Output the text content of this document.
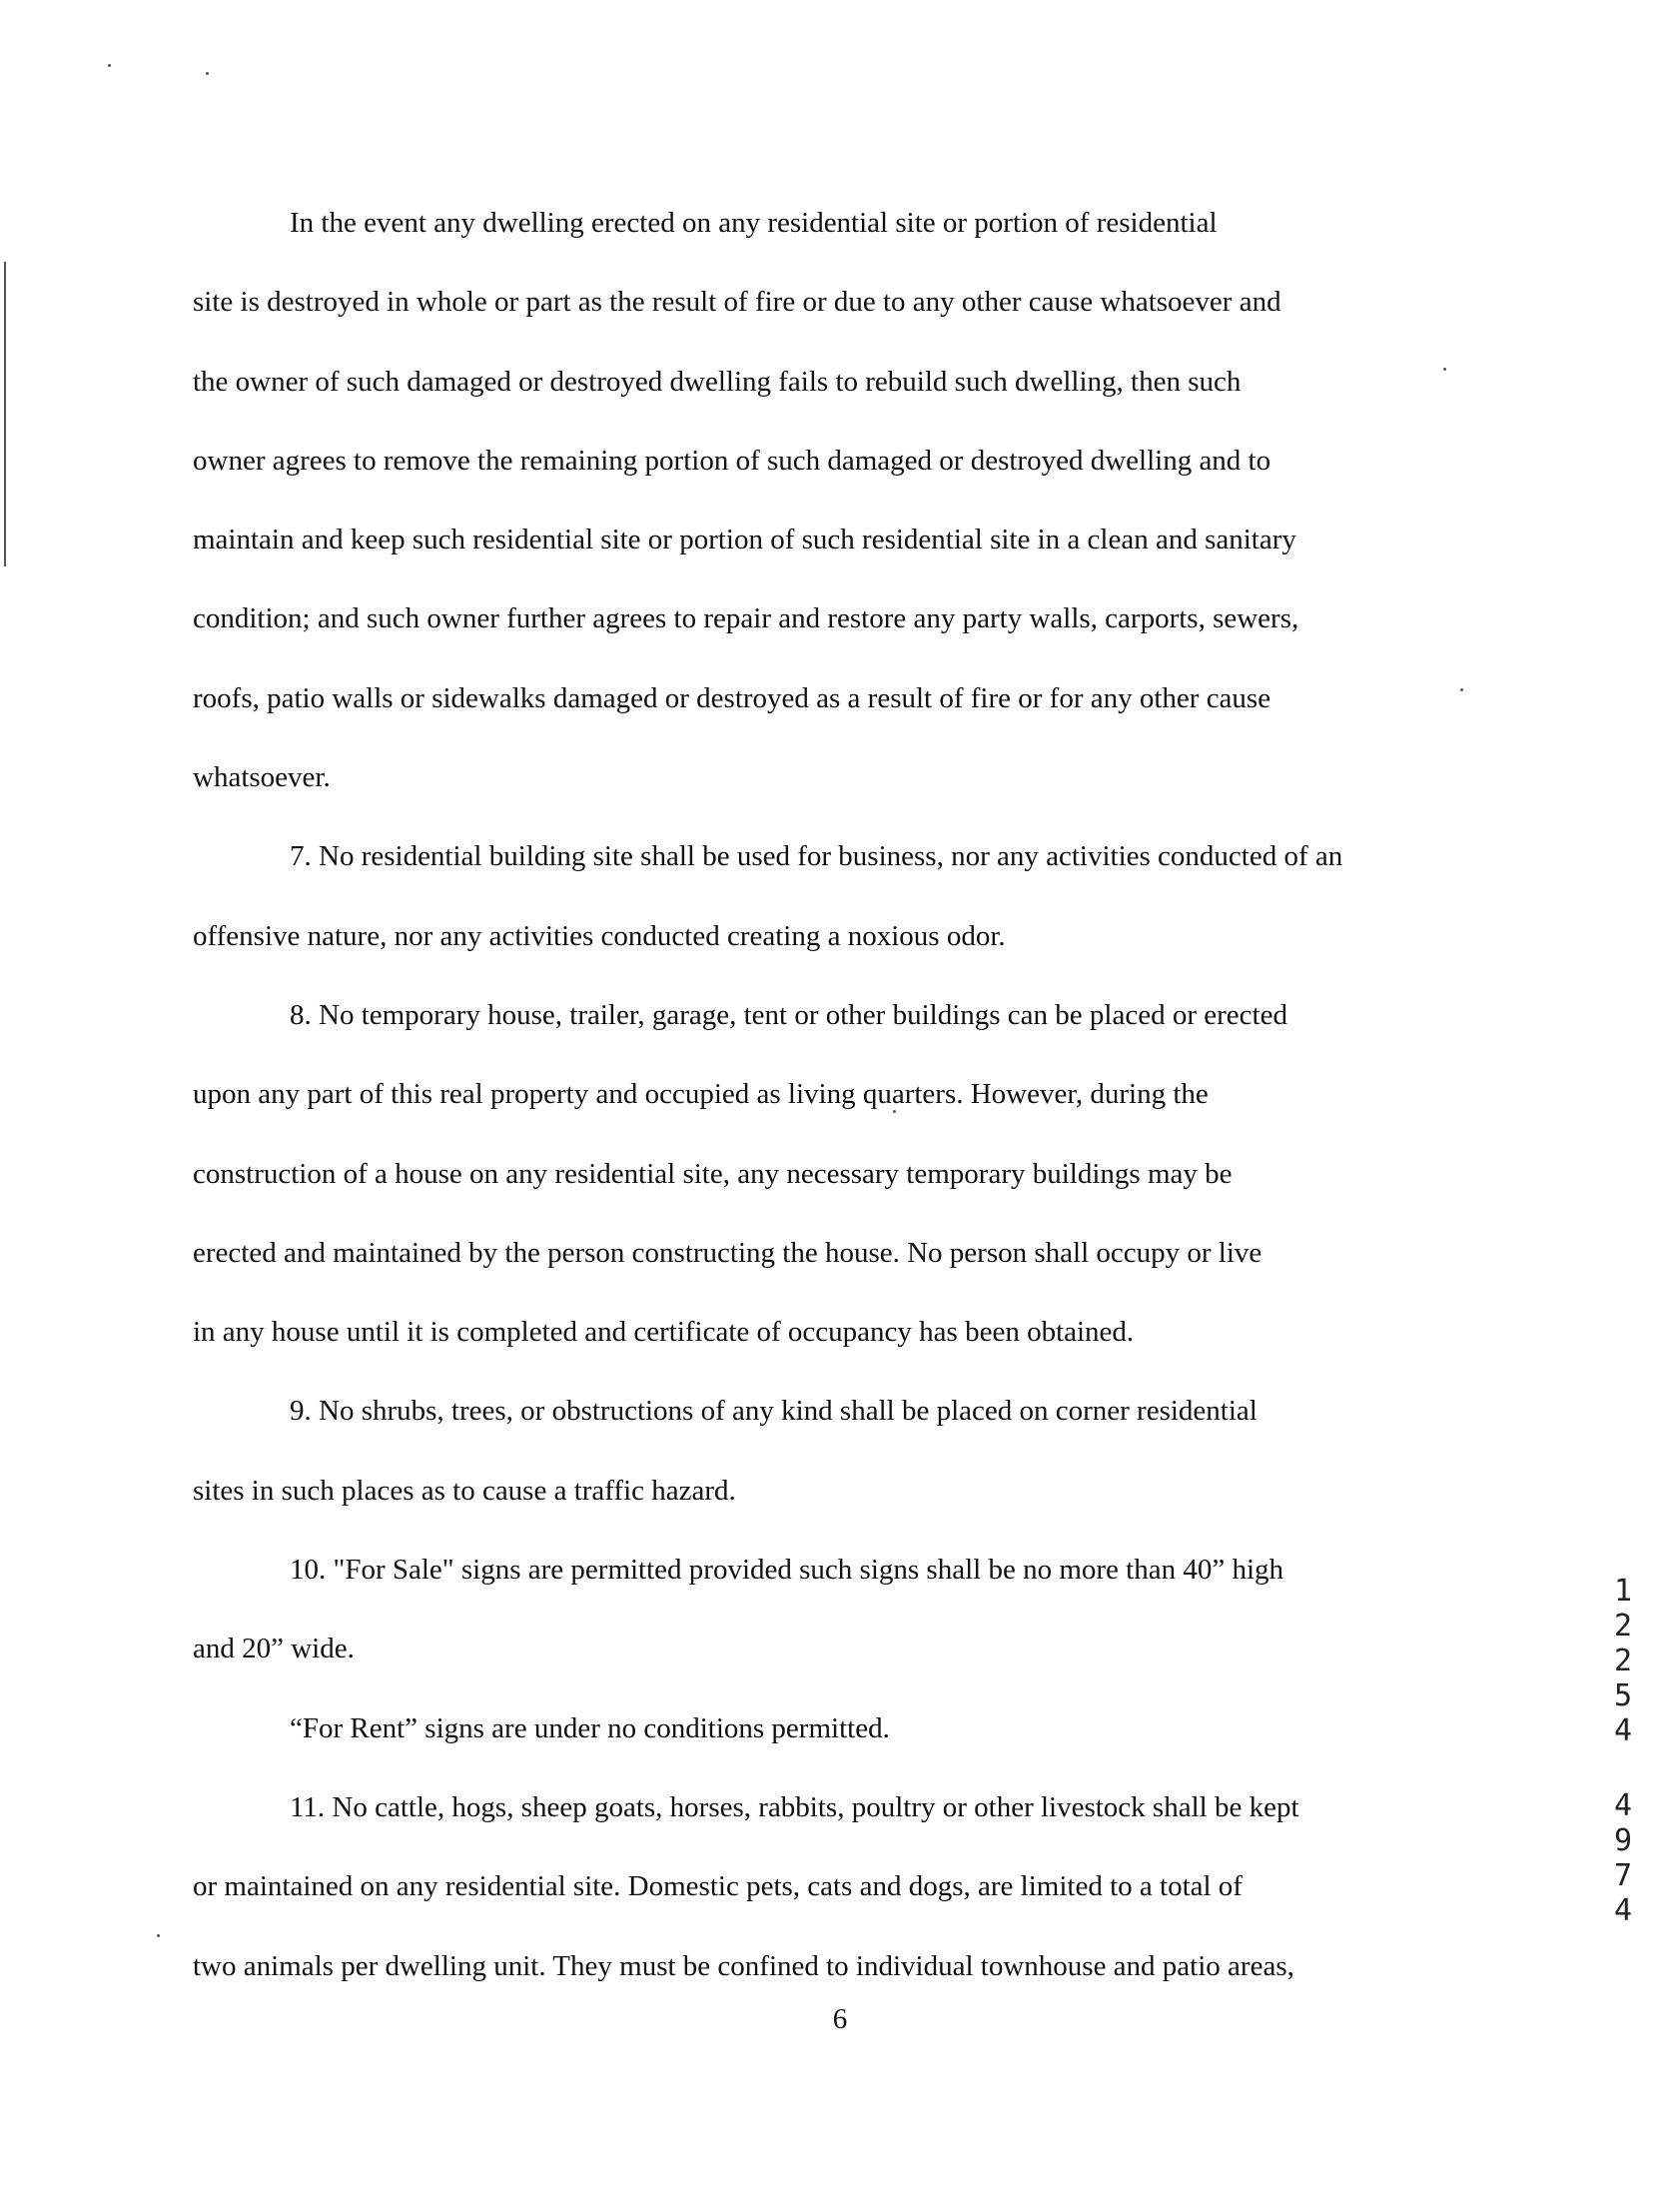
In the event any dwelling erected on any residential site or portion of residential

site is destroyed in whole or part as the result of fire or due to any other cause whatsoever and

the owner of such damaged or destroyed dwelling fails to rebuild such dwelling, then such

owner agrees to remove the remaining portion of such damaged or destroyed dwelling and to

maintain and keep such residential site or portion of such residential site in a clean and sanitary

condition; and such owner further agrees to repair and restore any party walls, carports, sewers,

roofs, patio walls or sidewalks damaged or destroyed as a result of fire or for any other cause

whatsoever.

7. No residential building site shall be used for business, nor any activities conducted of an

offensive nature, nor any activities conducted creating a noxious odor.

8. No temporary house, trailer, garage, tent or other buildings can be placed or erected

upon any part of this real property and occupied as living quarters. However, during the

construction of a house on any residential site, any necessary temporary buildings may be

erected and maintained by the person constructing the house. No person shall occupy or live

in any house until it is completed and certificate of occupancy has been obtained.

9. No shrubs, trees, or obstructions of any kind shall be placed on corner residential

sites in such places as to cause a traffic hazard.

10. "For Sale" signs are permitted provided such signs shall be no more than 40” high

and 20” wide.

“For Rent” signs are under no conditions permitted.

11. No cattle, hogs, sheep goats, horses, rabbits, poultry or other livestock shall be kept

or maintained on any residential site. Domestic pets, cats and dogs, are limited to a total of

two animals per dwelling unit. They must be confined to individual townhouse and patio areas,

6
1
2
2
5
4
4
9
7
4
